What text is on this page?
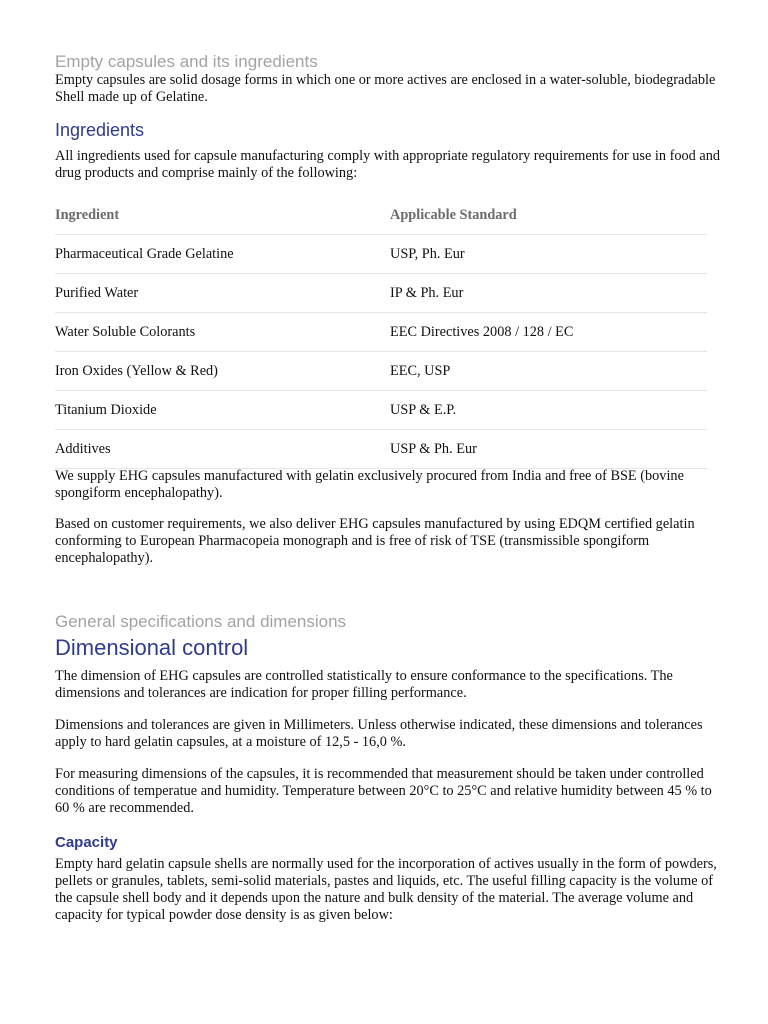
Empty capsules and its ingredients

Empty capsules are solid dosage forms in which one or more actives are enclosed in a water-soluble, biodegradable Shell made up of Gelatine.

Ingredients

All ingredients used for capsule manufacturing comply with appropriate regulatory requirements for use in food and drug products and comprise mainly of the following:

Ingredient	Applicable Standard
Pharmaceutical Grade Gelatine	USP, Ph. Eur
Purified Water	IP & Ph. Eur
Water Soluble Colorants	EEC Directives 2008 / 128 / EC
Iron Oxides (Yellow & Red)	EEC, USP
Titanium Dioxide	USP & E.P.
Additives	USP & Ph. Eur

We supply EHG capsules manufactured with gelatin exclusively procured from India and free of BSE (bovine spongiform encephalopathy).

Based on customer requirements, we also deliver EHG capsules manufactured by using EDQM certified gelatin conforming to European Pharmacopeia monograph and is free of risk of TSE (transmissible spongiform encephalopathy).

General specifications and dimensions
Dimensional control

The dimension of EHG capsules are controlled statistically to ensure conformance to the specifications. The dimensions and tolerances are indication for proper filling performance.

Dimensions and tolerances are given in Millimeters. Unless otherwise indicated, these dimensions and tolerances apply to hard gelatin capsules, at a moisture of 12,5 - 16,0 %.

For measuring dimensions of the capsules, it is recommended that measurement should be taken under controlled conditions of temperatue and humidity. Temperature between 20°C to 25°C and relative humidity between 45 % to 60 % are recommended.

Capacity

Empty hard gelatin capsule shells are normally used for the incorporation of actives usually in the form of powders, pellets or granules, tablets, semi-solid materials, pastes and liquids, etc. The useful filling capacity is the volume of the capsule shell body and it depends upon the nature and bulk density of the material. The average volume and capacity for typical powder dose density is as given below:
